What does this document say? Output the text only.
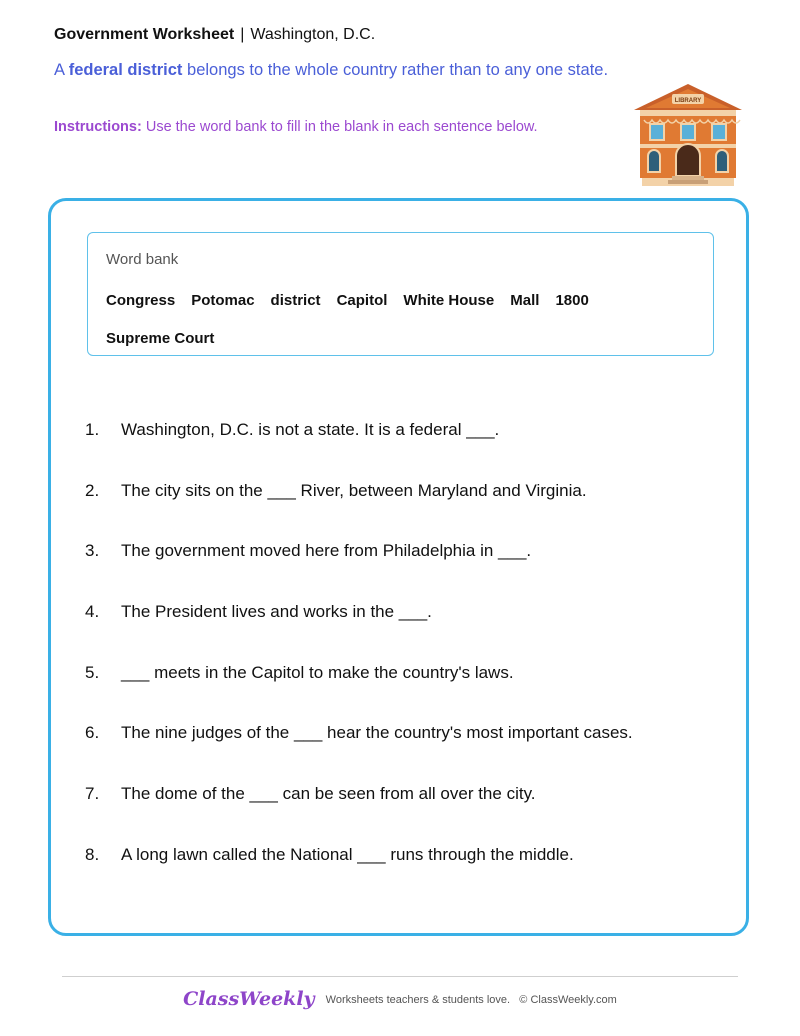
Government Worksheet | Washington, D.C.
A federal district belongs to the whole country rather than to any one state.
Instructions: Use the word bank to fill in the blank in each sentence below.
LIBRARY
Word bank
Congress Potomac district Capitol White House Mall 1800Supreme Court
1.	Washington, D.C. is not a state. It is a federal ___.
2.	The city sits on the ___ River, between Maryland and Virginia.
3.	The government moved here from Philadelphia in ___.
4.	The President lives and works in the ___.
5.	___ meets in the Capitol to make the country's laws.
6.	The nine judges of the ___ hear the country's most important cases.
7.	The dome of the ___ can be seen from all over the city.
8.	A long lawn called the National ___ runs through the middle.
ClassWeekly Worksheets teachers & students love. © ClassWeekly.com
